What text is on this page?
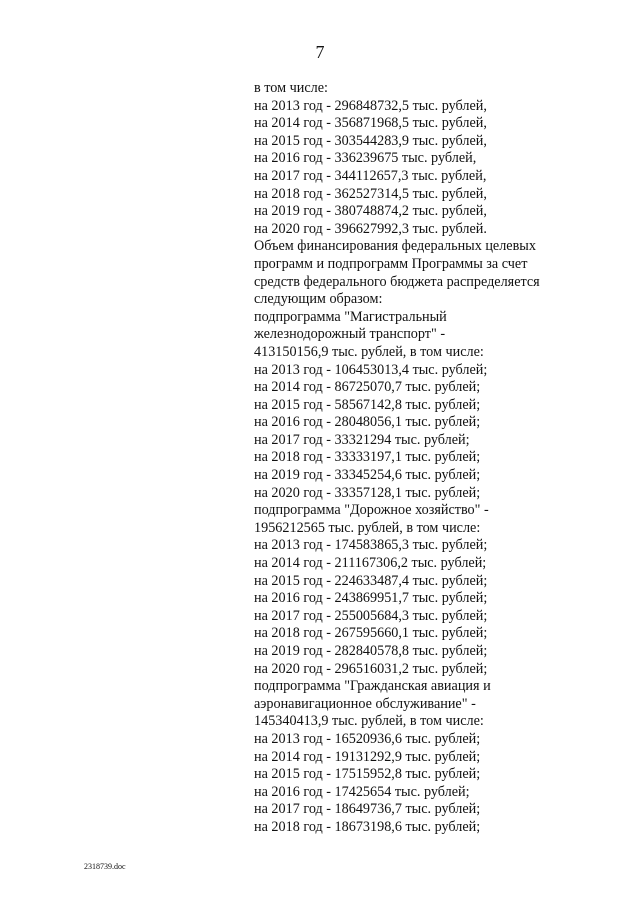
7
в том числе:
на 2013 год - 296848732,5 тыс. рублей,
на 2014 год - 356871968,5 тыс. рублей,
на 2015 год - 303544283,9 тыс. рублей,
на 2016 год - 336239675 тыс. рублей,
на 2017 год - 344112657,3 тыс. рублей,
на 2018 год - 362527314,5 тыс. рублей,
на 2019 год - 380748874,2 тыс. рублей,
на 2020 год - 396627992,3 тыс. рублей.
Объем финансирования федеральных целевых
программ и подпрограмм Программы за счет
средств федерального бюджета распределяется
следующим образом:
подпрограмма "Магистральный
железнодорожный транспорт" -
413150156,9 тыс. рублей, в том числе:
на 2013 год - 106453013,4 тыс. рублей;
на 2014 год - 86725070,7 тыс. рублей;
на 2015 год - 58567142,8 тыс. рублей;
на 2016 год - 28048056,1 тыс. рублей;
на 2017 год - 33321294 тыс. рублей;
на 2018 год - 33333197,1 тыс. рублей;
на 2019 год - 33345254,6 тыс. рублей;
на 2020 год - 33357128,1 тыс. рублей;
подпрограмма "Дорожное хозяйство" -
1956212565 тыс. рублей, в том числе:
на 2013 год - 174583865,3 тыс. рублей;
на 2014 год - 211167306,2 тыс. рублей;
на 2015 год - 224633487,4 тыс. рублей;
на 2016 год - 243869951,7 тыс. рублей;
на 2017 год - 255005684,3 тыс. рублей;
на 2018 год - 267595660,1 тыс. рублей;
на 2019 год - 282840578,8 тыс. рублей;
на 2020 год - 296516031,2 тыс. рублей;
подпрограмма "Гражданская авиация и
аэронавигационное обслуживание" -
145340413,9 тыс. рублей, в том числе:
на 2013 год - 16520936,6 тыс. рублей;
на 2014 год - 19131292,9 тыс. рублей;
на 2015 год - 17515952,8 тыс. рублей;
на 2016 год - 17425654 тыс. рублей;
на 2017 год - 18649736,7 тыс. рублей;
на 2018 год - 18673198,6 тыс. рублей;
2318739.doc
